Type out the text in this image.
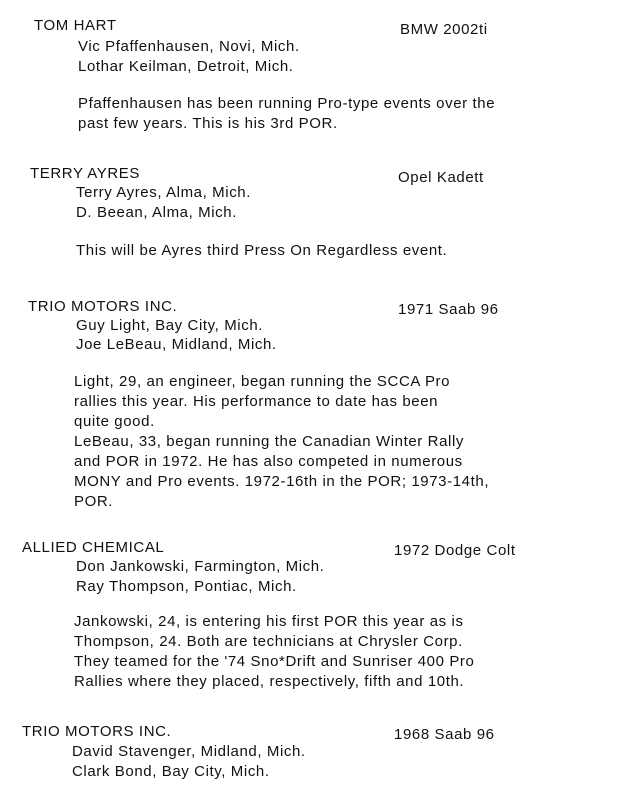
TOM HART	BMW 2002ti
Vic Pfaffenhausen, Novi, Mich.
Lothar Keilman, Detroit, Mich.
Pfaffenhausen has been running Pro-type events over the
past few years. This is his 3rd POR.
TERRY AYRES	Opel Kadett
Terry Ayres, Alma, Mich.
D. Beean, Alma, Mich.
This will be Ayres third Press On Regardless event.
TRIO MOTORS INC.	1971 Saab 96
Guy Light, Bay City, Mich.
Joe LeBeau, Midland, Mich.
Light, 29, an engineer, began running the SCCA Pro
rallies this year. His performance to date has been
quite good.
LeBeau, 33, began running the Canadian Winter Rally
and POR in 1972. He has also competed in numerous
MONY and Pro events. 1972-16th in the POR; 1973-14th,
POR.
ALLIED CHEMICAL	1972 Dodge Colt
Don Jankowski, Farmington, Mich.
Ray Thompson, Pontiac, Mich.
Jankowski, 24, is entering his first POR this year as is
Thompson, 24. Both are technicians at Chrysler Corp.
They teamed for the '74 Sno*Drift and Sunriser 400 Pro
Rallies where they placed, respectively, fifth and 10th.
TRIO MOTORS INC.	1968 Saab 96
David Stavenger, Midland, Mich.
Clark Bond, Bay City, Mich.
